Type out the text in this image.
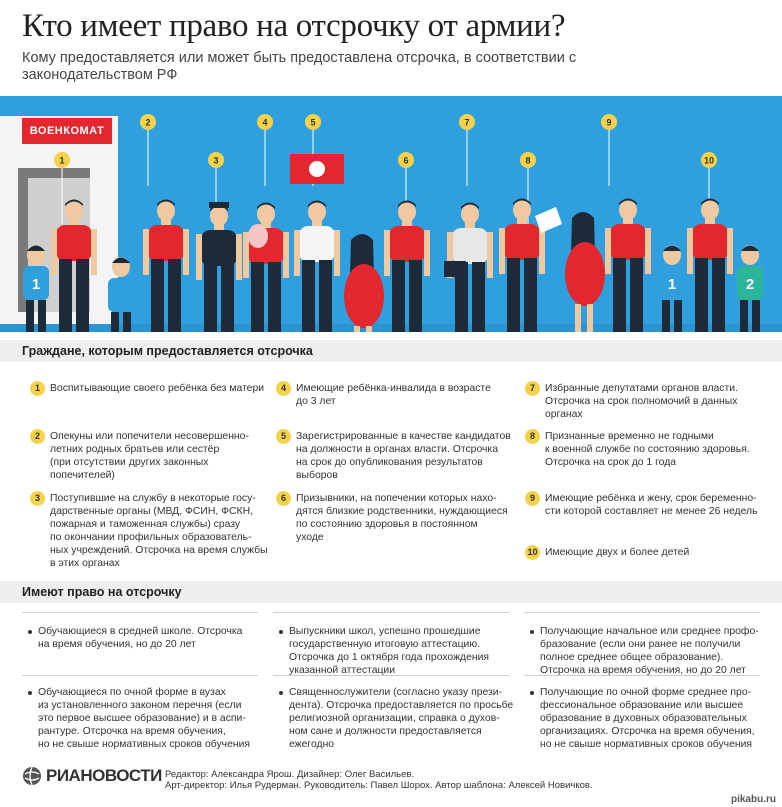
Кто имеет право на отсрочку от армии?
Кому предоставляется или может быть предоставлена отсрочка, в соответствии с законодательством РФ
ВОЕНКОМАТ
1
2
3
4	5
6
7
8
9
10
1	1	2
Граждане, которым предоставляется отсрочка
1 Воспитывающие своего ребёнка без матери
2 Опекуны или попечители несовершенно-
летних родных братьев или сестёр
(при отсутствии других законных
попечителей)
3 Поступившие на службу в некоторые госу-
дарственные органы (МВД, ФСИН, ФСКН,
пожарная и таможенная службы) сразу
по окончании профильных образователь-
ных учреждений. Отсрочка на время службы
в этих органах
4 Имеющие ребёнка-инвалида в возрасте
до 3 лет
5 Зарегистрированные в качестве кандидатов
на должности в органах власти. Отсрочка
на срок до опубликования результатов
выборов
6 Призывники, на попечении которых нахо-
дятся близкие родственники, нуждающиеся
по состоянию здоровья в постоянном
уходе
7 Избранные депутатами органов власти.
Отсрочка на срок полномочий в данных
органах
8 Признанные временно не годными
к военной службе по состоянию здоровья.
Отсрочка на срок до 1 года
9 Имеющие ребёнка и жену, срок беременно-
сти которой составляет не менее 26 недель
10 Имеющие двух и более детей
Имеют право на отсрочку
Обучающиеся в средней школе. Отсрочка
на время обучения, но до 20 лет
Обучающиеся по очной форме в вузах
из установленного законом перечня (если
это первое высшее образование) и в аспи-
рантуре. Отсрочка на время обучения,
но не свыше нормативных сроков обучения
Выпускники школ, успешно прошедшие
государственную итоговую аттестацию.
Отсрочка до 1 октября года прохождения
указанной аттестации
Священнослужители (согласно указу прези-
дента). Отсрочка предоставляется по просьбе
религиозной организации, справка о духов-
ном сане и должности предоставляется
ежегодно
Получающие начальное или среднее профо-
бразование (если они ранее не получили
полное среднее общее образование).
Отсрочка на время обучения, но до 20 лет
Получающие по очной форме среднее про-
фессиональное образование или высшее
образование в духовных образовательных
организациях. Отсрочка на время обучения,
но не свыше нормативных сроков обучения
РИАНОВОСТИ Редактор: Александра Ярош. Дизайнер: Олег Васильев.
Арт-директор: Илья Рудерман. Руководитель: Павел Шорох. Автор шаблона: Алексей Новичков.
pikabu.ru
